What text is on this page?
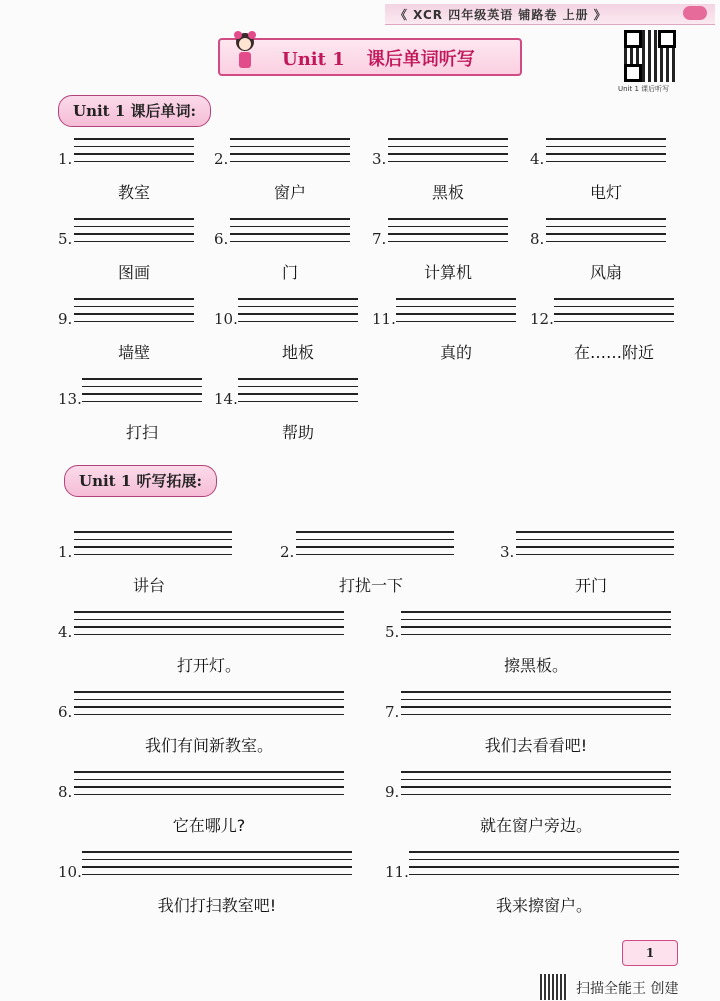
《 XCR 四年级英语 铺路卷 上册 》
Unit 1 课后单词听写
Unit 1 课后听写
Unit 1 课后单词:
1.
教室
2.
窗户
3.
黑板
4.
电灯
5.
图画
6.
门
7.
计算机
8.
风扇
9.
墙壁
10.
地板
11.
真的
12.
在……附近
13.
打扫
14.
帮助
Unit 1 听写拓展:
1.
讲台
2.
打扰一下
3.
开门
4.
打开灯。
5.
擦黑板。
6.
我们有间新教室。
7.
我们去看看吧!
8.
它在哪儿?
9.
就在窗户旁边。
10.
我们打扫教室吧!
11.
我来擦窗户。
1
扫描全能王 创建
